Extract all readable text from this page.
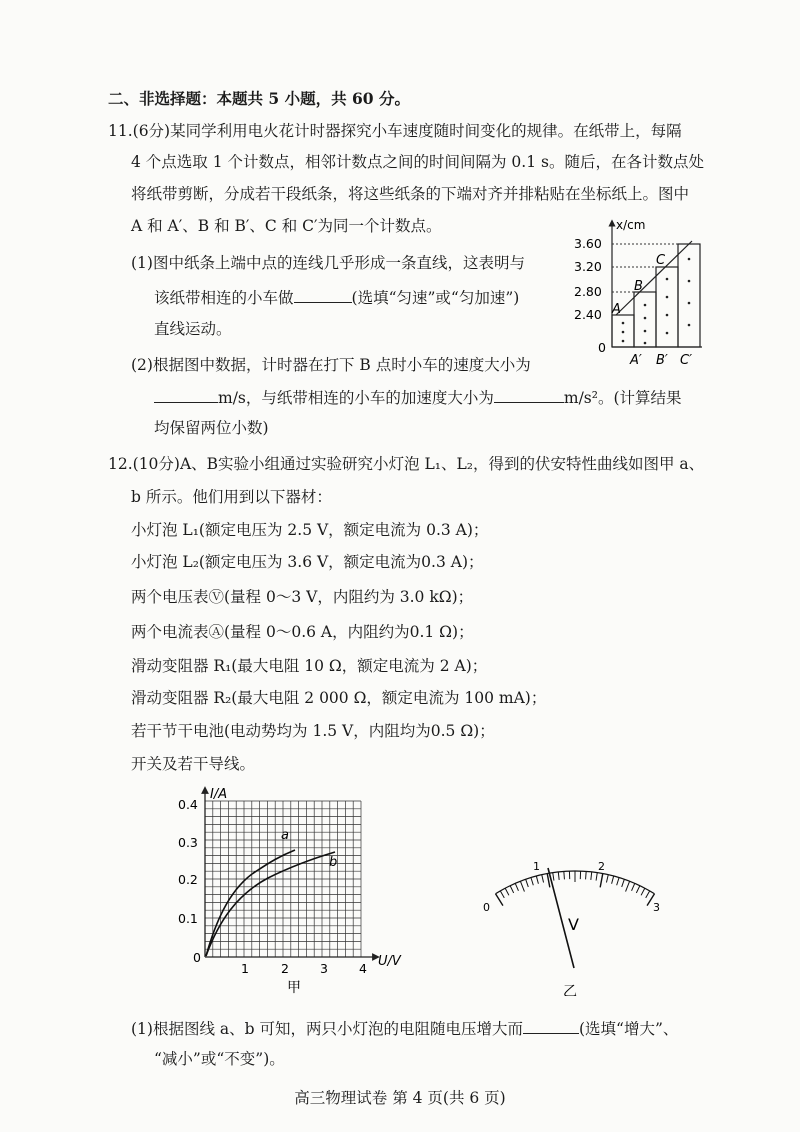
二、非选择题：本题共 5 小题，共 60 分。
11.(6分)某同学利用电火花计时器探究小车速度随时间变化的规律。在纸带上，每隔
4 个点选取 1 个计数点，相邻计数点之间的时间间隔为 0.1 s。随后，在各计数点处
将纸带剪断，分成若干段纸条，将这些纸条的下端对齐并排粘贴在坐标纸上。图中
A 和 A′、B 和 B′、C 和 C′为同一个计数点。
(1)图中纸条上端中点的连线几乎形成一条直线，这表明与
该纸带相连的小车做	(选填“匀速”或“匀加速”)
直线运动。
(2)根据图中数据，计时器在打下 B 点时小车的速度大小为
m/s，与纸带相连的小车的加速度大小为	m/s²。(计算结果
均保留两位小数)
x/cm
3.60
3.20
2.80
2.40
0
A
B
C
A′ B′ C′
12.(10分)A、B实验小组通过实验研究小灯泡 L₁、L₂，得到的伏安特性曲线如图甲 a、
b 所示。他们用到以下器材：
小灯泡 L₁(额定电压为 2.5 V，额定电流为 0.3 A)；
小灯泡 L₂(额定电压为 3.6 V，额定电流为0.3 A)；
两个电压表Ⓥ(量程 0～3 V，内阻约为 3.0 kΩ)；
两个电流表Ⓐ(量程 0～0.6 A，内阻约为0.1 Ω)；
滑动变阻器 R₁(最大电阻 10 Ω，额定电流为 2 A)；
滑动变阻器 R₂(最大电阻 2 000 Ω，额定电流为 100 mA)；
若干节干电池(电动势均为 1.5 V，内阻均为0.5 Ω)；
开关及若干导线。
I/A
U/V
0.4
0.3
0.2
0.1
0
1	2 3 4
a
b
甲
0
1	2
3
V
乙
(1)根据图线 a、b 可知，两只小灯泡的电阻随电压增大而	(选填“增大”、
“减小”或“不变”)。
高三物理试卷 第 4 页(共 6 页)
